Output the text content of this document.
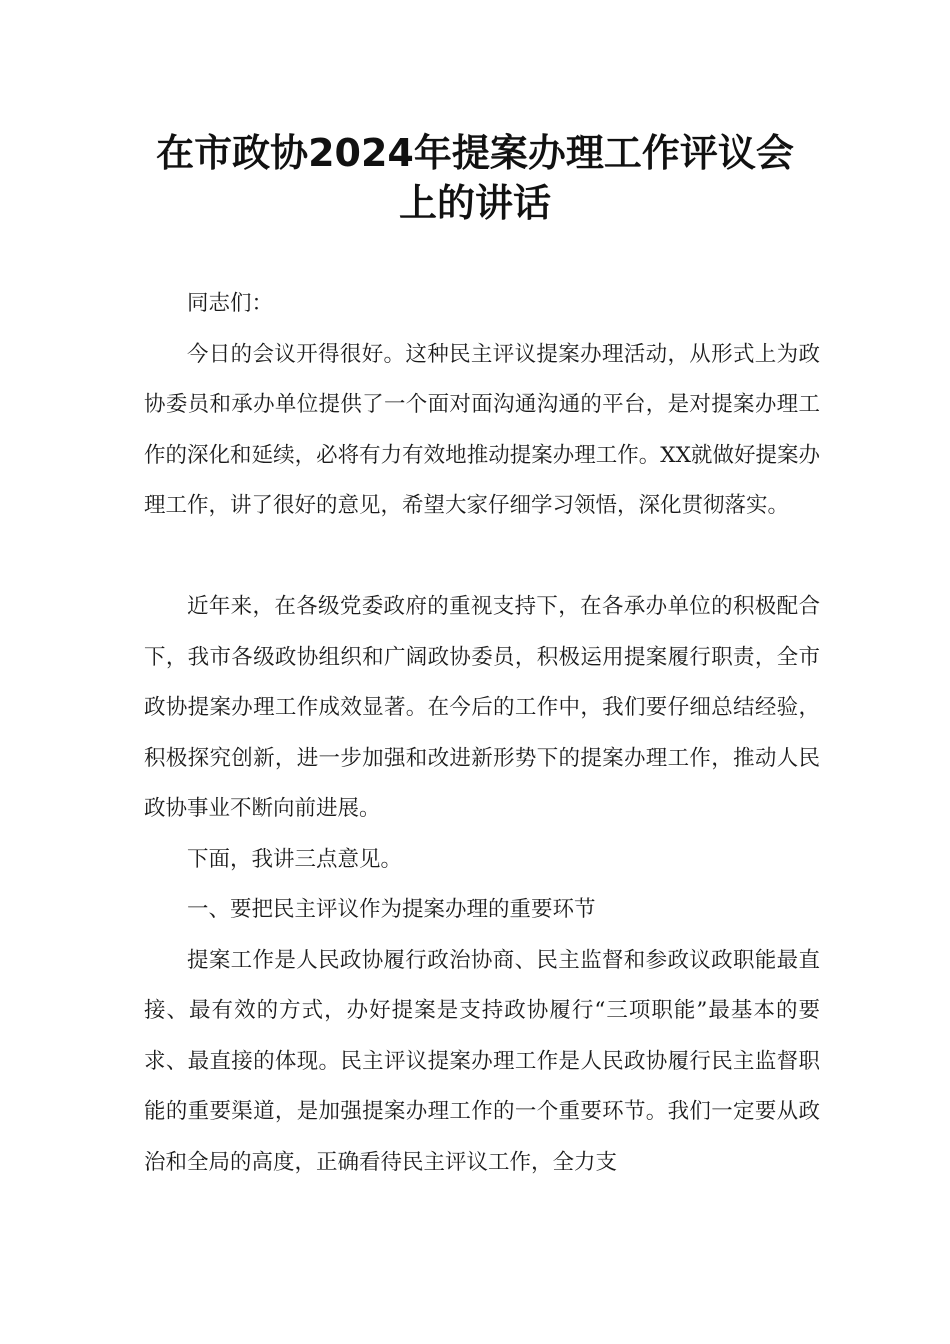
在市政协2024年提案办理工作评议会
上的讲话

同志们：

今日的会议开得很好。这种民主评议提案办理活动，从形式上为政协委员和承办单位提供了一个面对面沟通沟通的平台，是对提案办理工作的深化和延续，必将有力有效地推动提案办理工作。XX就做好提案办理工作，讲了很好的意见，希望大家仔细学习领悟，深化贯彻落实。

近年来，在各级党委政府的重视支持下，在各承办单位的积极配合下，我市各级政协组织和广阔政协委员，积极运用提案履行职责，全市政协提案办理工作成效显著。在今后的工作中，我们要仔细总结经验，积极探究创新，进一步加强和改进新形势下的提案办理工作，推动人民政协事业不断向前进展。

下面，我讲三点意见。

一、要把民主评议作为提案办理的重要环节

提案工作是人民政协履行政治协商、民主监督和参政议政职能最直接、最有效的方式，办好提案是支持政协履行“三项职能”最基本的要求、最直接的体现。民主评议提案办理工作是人民政协履行民主监督职能的重要渠道，是加强提案办理工作的一个重要环节。我们一定要从政治和全局的高度，正确看待民主评议工作，全力支
